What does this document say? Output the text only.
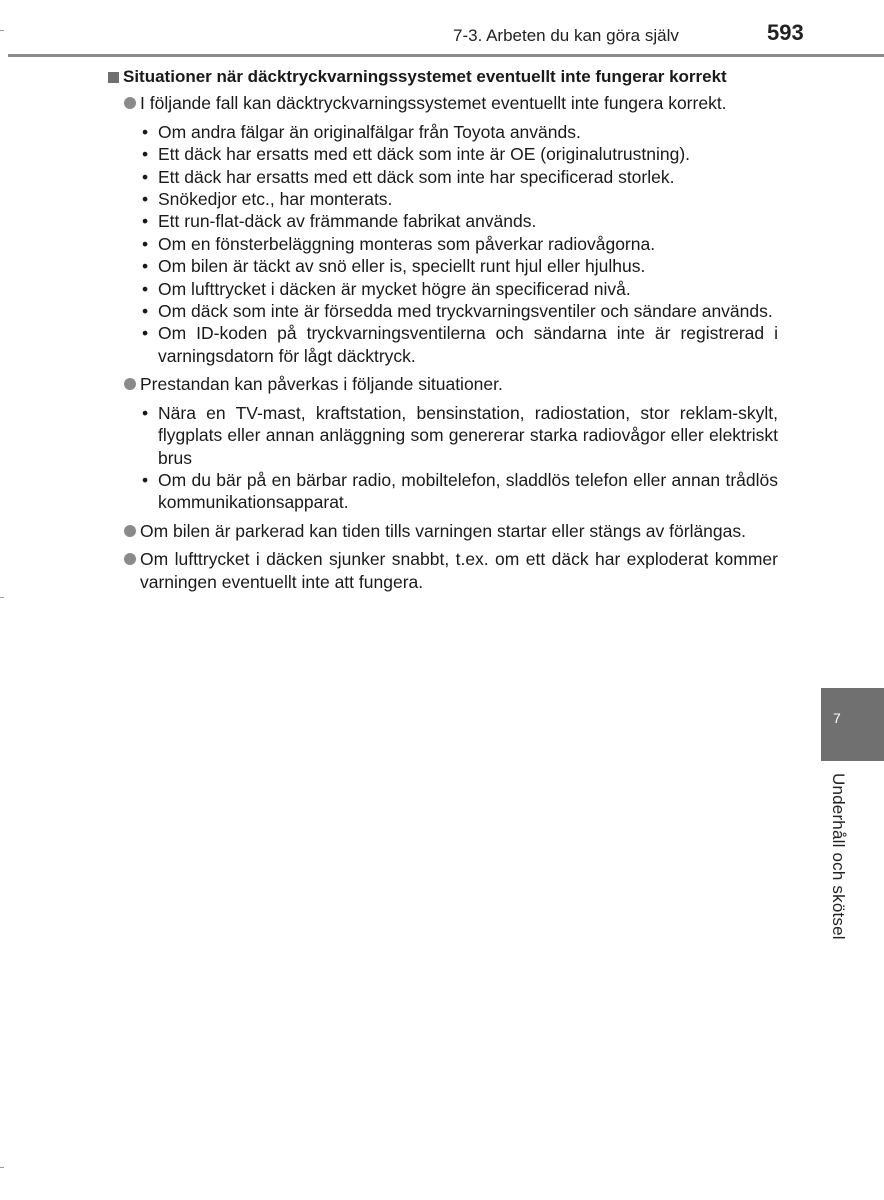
7-3. Arbeten du kan göra själv	593
Situationer när däcktryckvarningssystemet eventuellt inte fungerar korrekt
I följande fall kan däcktryckvarningssystemet eventuellt inte fungera korrekt.
• Om andra fälgar än originalfälgar från Toyota används.
• Ett däck har ersatts med ett däck som inte är OE (originalutrustning).
• Ett däck har ersatts med ett däck som inte har specificerad storlek.
• Snökedjor etc., har monterats.
• Ett run-flat-däck av främmande fabrikat används.
• Om en fönsterbeläggning monteras som påverkar radiovågorna.
• Om bilen är täckt av snö eller is, speciellt runt hjul eller hjulhus.
• Om lufttrycket i däcken är mycket högre än specificerad nivå.
• Om däck som inte är försedda med tryckvarningsventiler och sändare används.
• Om ID-koden på tryckvarningsventilerna och sändarna inte är registrerad i varningsdatorn för lågt däcktryck.
Prestandan kan påverkas i följande situationer.
• Nära en TV-mast, kraftstation, bensinstation, radiostation, stor reklam-skylt, flygplats eller annan anläggning som genererar starka radiovågor eller elektriskt brus
• Om du bär på en bärbar radio, mobiltelefon, sladdlös telefon eller annan trådlös kommunikationsapparat.
Om bilen är parkerad kan tiden tills varningen startar eller stängs av förlängas.
Om lufttrycket i däcken sjunker snabbt, t.ex. om ett däck har exploderat kommer varningen eventuellt inte att fungera.
7
Underhåll och skötsel
